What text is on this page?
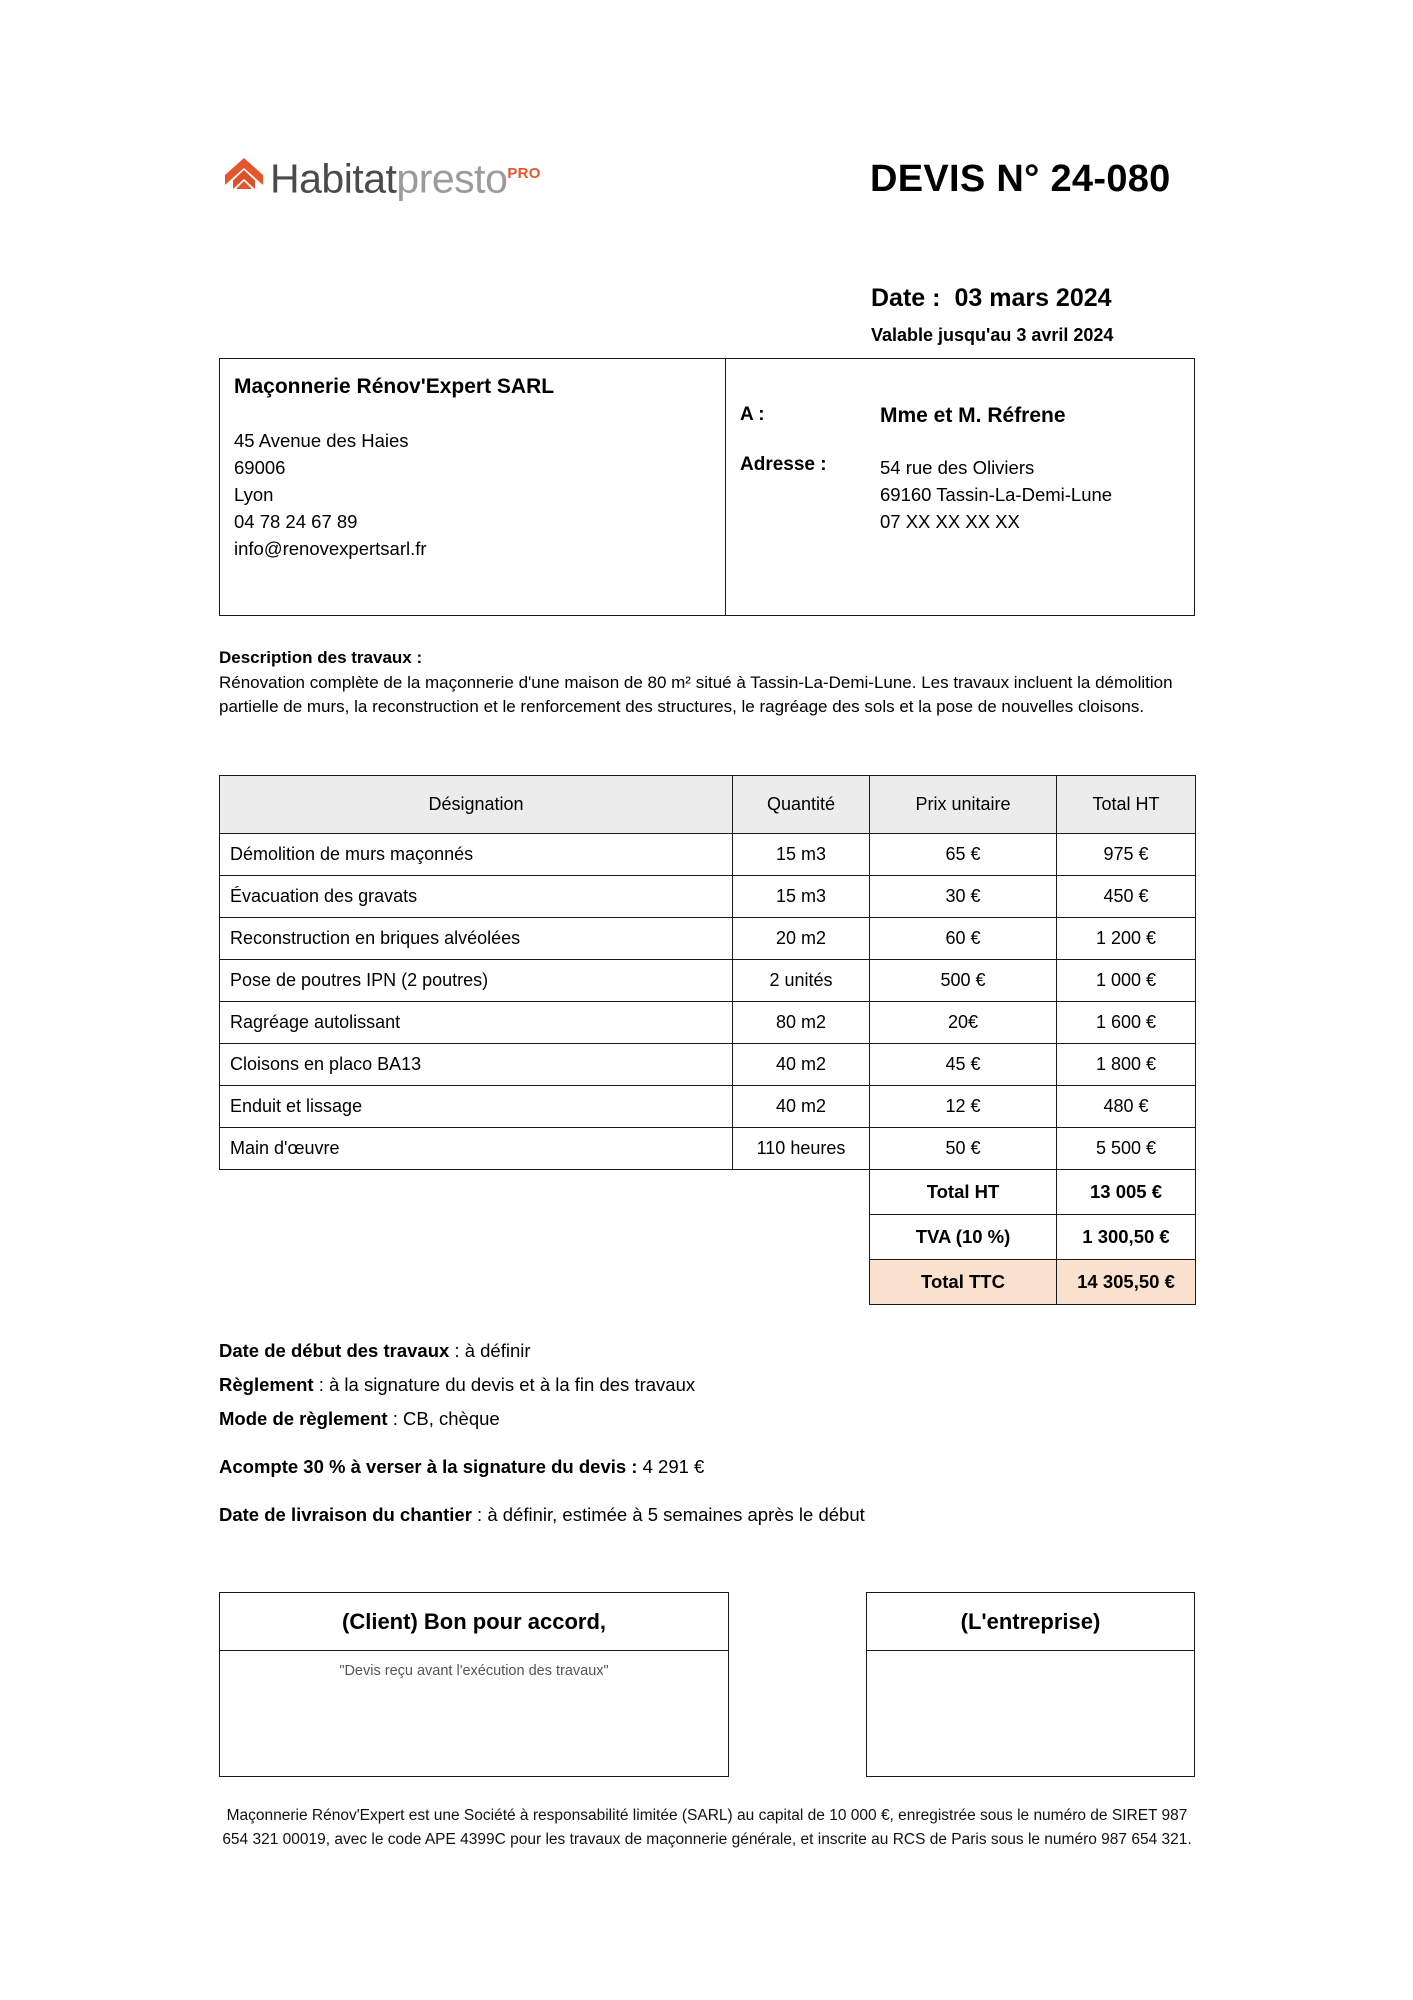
Habitatpresto$^{PRO}$	DEVIS N° 24-080
Date : 03 mars 2024
Valable jusqu'au 3 avril 2024
Maçonnerie Rénov'Expert SARL
45 Avenue des Haies
69006
Lyon
04 78 24 67 89
info@renovexpertsarl.fr
A :	Mme et M. Réfrene
Adresse :	54 rue des Oliviers
69160 Tassin-La-Demi-Lune
07 XX XX XX XX
Description des travaux :
Rénovation complète de la maçonnerie d'une maison de 80 m² situé à Tassin-La-Demi-Lune. Les travaux incluent la démolition partielle de murs, la reconstruction et le renforcement des structures, le ragréage des sols et la pose de nouvelles cloisons.
Désignation	Quantité	Prix unitaire	Total HT
Démolition de murs maçonnés	15 m3	65 €	975 €
Évacuation des gravats	15 m3	30 €	450 €
Reconstruction en briques alvéolées	20 m2	60 €	1 200 €
Pose de poutres IPN (2 poutres)	2 unités	500 €	1 000 €
Ragréage autolissant	80 m2	20€	1 600 €
Cloisons en placo BA13	40 m2	45 €	1 800 €
Enduit et lissage	40 m2	12 €	480 €
Main d'œuvre	110 heures	50 €	5 500 €
		Total HT	13 005 €
		TVA (10 %)	1 300,50 €
		Total TTC	14 305,50 €
Date de début des travaux : à définir
Règlement : à la signature du devis et à la fin des travaux
Mode de règlement : CB, chèque
Acompte 30 % à verser à la signature du devis : 4 291 €
Date de livraison du chantier : à définir, estimée à 5 semaines après le début
(Client) Bon pour accord,
"Devis reçu avant l'exécution des travaux"
(L'entreprise)
Maçonnerie Rénov'Expert est une Société à responsabilité limitée (SARL) au capital de 10 000 €, enregistrée sous le numéro de SIRET 987 654 321 00019, avec le code APE 4399C pour les travaux de maçonnerie générale, et inscrite au RCS de Paris sous le numéro 987 654 321.
